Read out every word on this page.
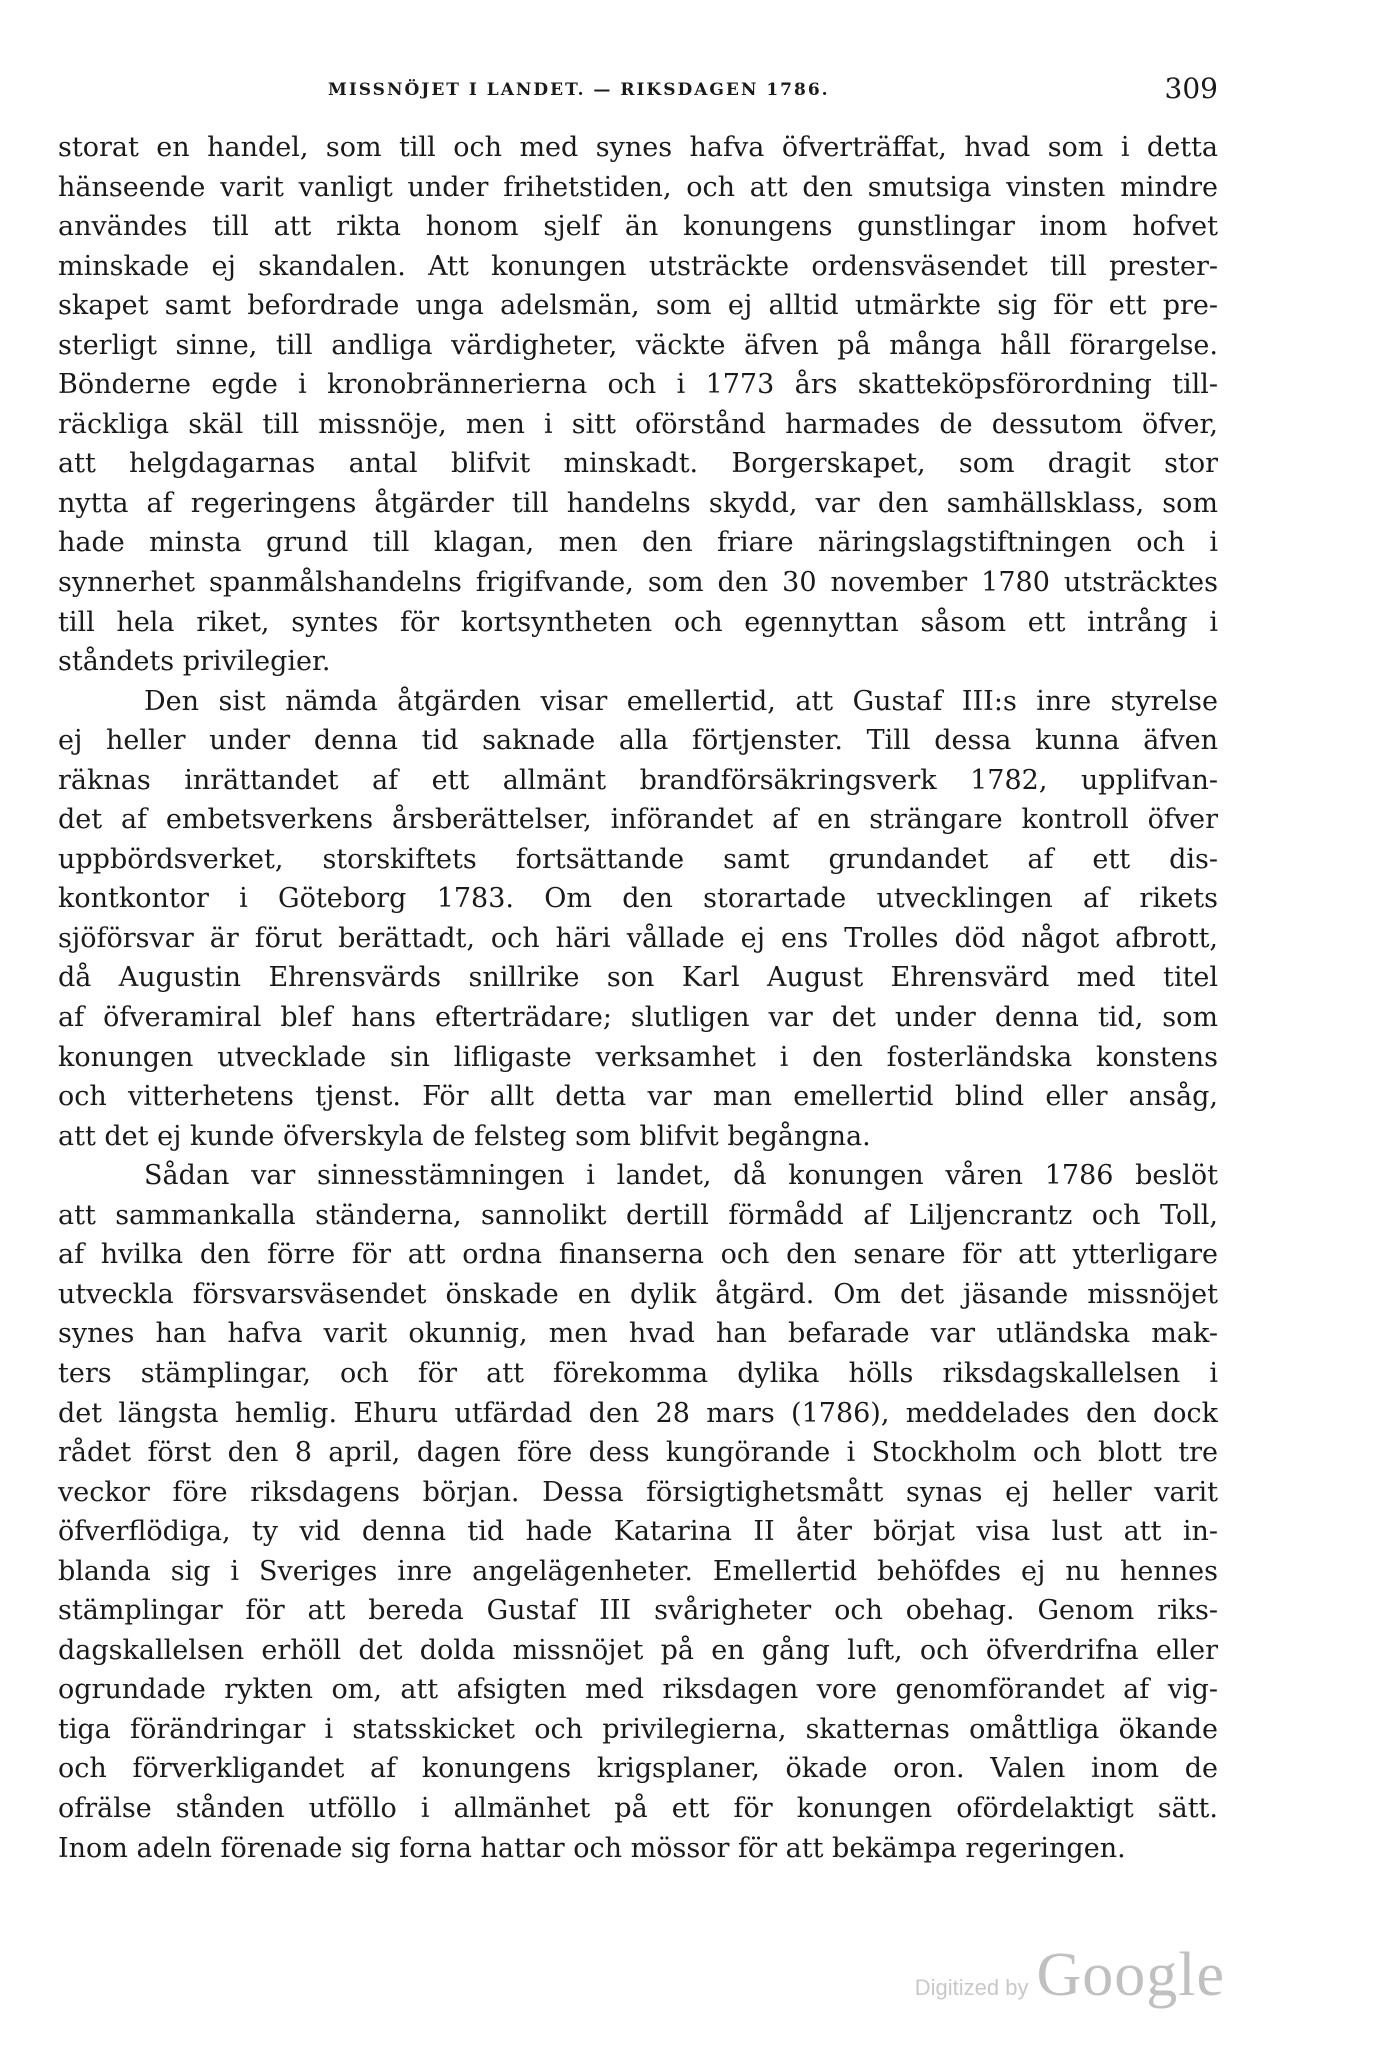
MISSNÖJET I LANDET. — RIKSDAGEN 1786.	309
storat en handel, som till och med synes hafva öfverträffat, hvad som i detta
hänseende varit vanligt under frihetstiden, och att den smutsiga vinsten mindre
användes till att rikta honom sjelf än konungens gunstlingar inom hofvet
minskade ej skandalen. Att konungen utsträckte ordensväsendet till prester-
skapet samt befordrade unga adelsmän, som ej alltid utmärkte sig för ett pre-
sterligt sinne, till andliga värdigheter, väckte äfven på många håll förargelse.
Bönderne egde i kronobrännerierna och i 1773 års skatteköpsförordning till-
räckliga skäl till missnöje, men i sitt oförstånd harmades de dessutom öfver,
att helgdagarnas antal blifvit minskadt. Borgerskapet, som dragit stor
nytta af regeringens åtgärder till handelns skydd, var den samhällsklass, som
hade minsta grund till klagan, men den friare näringslagstiftningen och i
synnerhet spanmålshandelns frigifvande, som den 30 november 1780 utsträcktes
till hela riket, syntes för kortsyntheten och egennyttan såsom ett intrång i
ståndets privilegier.
Den sist nämda åtgärden visar emellertid, att Gustaf III:s inre styrelse
ej heller under denna tid saknade alla förtjenster. Till dessa kunna äfven
räknas inrättandet af ett allmänt brandförsäkringsverk 1782, upplifvan-
det af embetsverkens årsberättelser, införandet af en strängare kontroll öfver
uppbördsverket, storskiftets fortsättande samt grundandet af ett dis-
kontkontor i Göteborg 1783. Om den storartade utvecklingen af rikets
sjöförsvar är förut berättadt, och häri vållade ej ens Trolles död något afbrott,
då Augustin Ehrensvärds snillrike son Karl August Ehrensvärd med titel
af öfveramiral blef hans efterträdare; slutligen var det under denna tid, som
konungen utvecklade sin lifligaste verksamhet i den fosterländska konstens
och vitterhetens tjenst. För allt detta var man emellertid blind eller ansåg,
att det ej kunde öfverskyla de felsteg som blifvit begångna.
Sådan var sinnesstämningen i landet, då konungen våren 1786 beslöt
att sammankalla ständerna, sannolikt dertill förmådd af Liljencrantz och Toll,
af hvilka den förre för att ordna finanserna och den senare för att ytterligare
utveckla försvarsväsendet önskade en dylik åtgärd. Om det jäsande missnöjet
synes han hafva varit okunnig, men hvad han befarade var utländska mak-
ters stämplingar, och för att förekomma dylika hölls riksdagskallelsen i
det längsta hemlig. Ehuru utfärdad den 28 mars (1786), meddelades den dock
rådet först den 8 april, dagen före dess kungörande i Stockholm och blott tre
veckor före riksdagens början. Dessa försigtighetsmått synas ej heller varit
öfverflödiga, ty vid denna tid hade Katarina II åter börjat visa lust att in-
blanda sig i Sveriges inre angelägenheter. Emellertid behöfdes ej nu hennes
stämplingar för att bereda Gustaf III svårigheter och obehag. Genom riks-
dagskallelsen erhöll det dolda missnöjet på en gång luft, och öfverdrifna eller
ogrundade rykten om, att afsigten med riksdagen vore genomförandet af vig-
tiga förändringar i statsskicket och privilegierna, skatternas omåttliga ökande
och förverkligandet af konungens krigsplaner, ökade oron. Valen inom de
ofrälse stånden utföllo i allmänhet på ett för konungen ofördelaktigt sätt.
Inom adeln förenade sig forna hattar och mössor för att bekämpa regeringen.
Digitized by Google
